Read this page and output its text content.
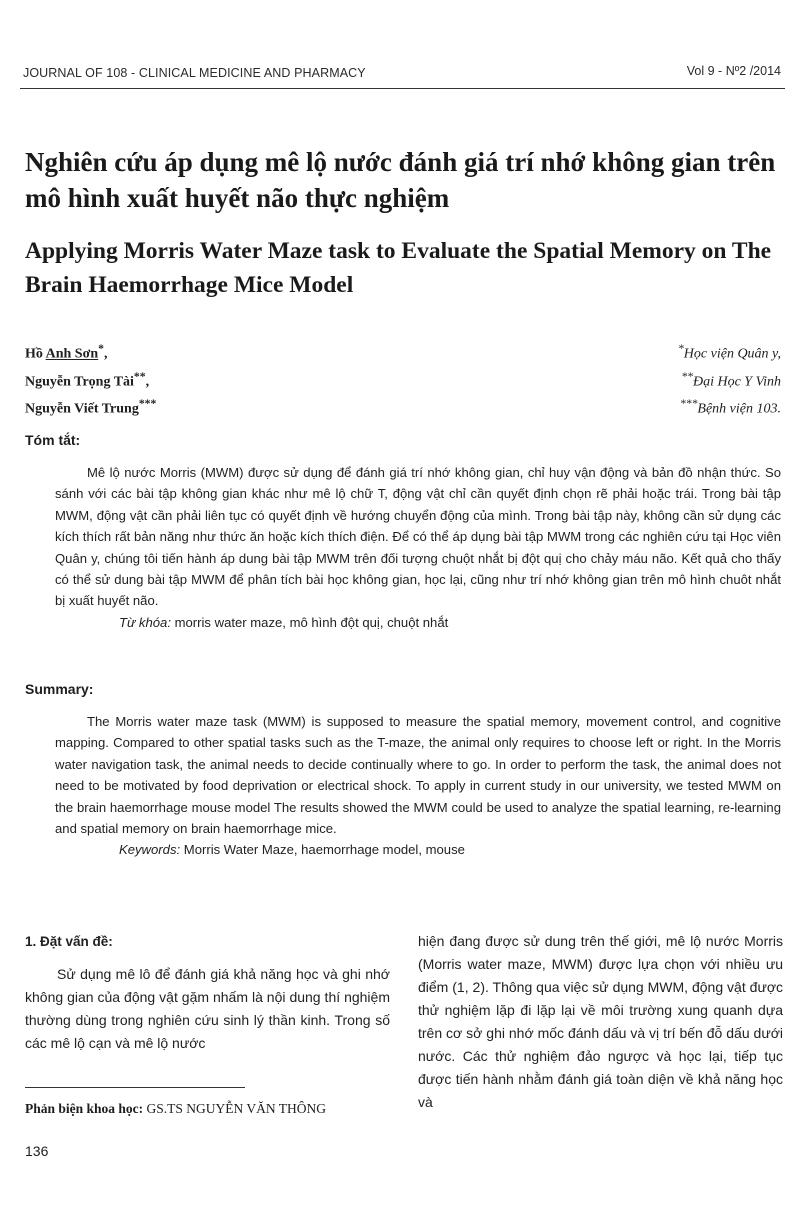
JOURNAL OF 108 - CLINICAL MEDICINE AND PHARMACY	Vol 9 - Nº2 /2014
Nghiên cứu áp dụng mê lộ nước đánh giá trí nhớ không gian trên mô hình xuất huyết não thực nghiệm
Applying Morris Water Maze task to Evaluate the Spatial Memory on The Brain Haemorrhage Mice Model
Hồ Anh Sơn*,
Nguyễn Trọng Tài**,
Nguyễn Viết Trung***
*Học viện Quân y,
**Đại Học Y Vinh
***Bệnh viện 103.
Tóm tắt:

Mê lộ nước Morris (MWM) được sử dụng để đánh giá trí nhớ không gian, chỉ huy vận động và bản đồ nhận thức. So sánh với các bài tập không gian khác như mê lộ chữ T, động vật chỉ cần quyết định chọn rẽ phải hoặc trái. Trong bài tập MWM, động vật cần phải liên tục có quyết định về hướng chuyển động của mình. Trong bài tập này, không cần sử dụng các kích thích rất bản năng như thức ăn hoặc kích thích điện. Để có thể áp dụng bài tập MWM trong các nghiên cứu tại Học viên Quân y, chúng tôi tiến hành áp dung bài tập MWM trên đối tượng chuột nhắt bị đột quị cho chảy máu não. Kết quả cho thấy có thể sử dung bài tập MWM để phân tích bài học không gian, học lại, cũng như trí nhớ không gian trên mô hình chuôt nhắt bị xuất huyết não.

Từ khóa: morris water maze, mô hình đột quị, chuột nhắt

Summary:

The Morris water maze task (MWM) is supposed to measure the spatial memory, movement control, and cognitive mapping. Compared to other spatial tasks such as the T-maze, the animal only requires to choose left or right. In the Morris water navigation task, the animal needs to decide continually where to go. In order to perform the task, the animal does not need to be motivated by food deprivation or electrical shock. To apply in current study in our university, we tested MWM on the brain haemorrhage mouse model The results showed the MWM could be used to analyze the spatial learning, re-learning and spatial memory on brain haemorrhage mice.

Keywords: Morris Water Maze, haemorrhage model, mouse

1. Đặt vấn đề:

Sử dụng mê lô để đánh giá khả năng học và ghi nhớ không gian của động vật gặm nhấm là nội dung thí nghiệm thường dùng trong nghiên cứu sinh lý thần kinh. Trong số các mê lộ cạn và mê lộ nước

hiện đang được sử dung trên thế giới, mê lộ nước Morris (Morris water maze, MWM) được lựa chọn với nhiều ưu điểm (1, 2). Thông qua việc sử dụng MWM, động vật được thử nghiệm lặp đi lặp lại về môi trường xung quanh dựa trên cơ sở ghi nhớ mốc đánh dấu và vị trí bến đỗ dấu dưới nước. Các thử nghiệm đảo ngược và học lại, tiếp tục được tiến hành nhằm đánh giá toàn diện về khả năng học và

Phản biện khoa học: GS.TS NGUYỄN VĂN THÔNG
136
